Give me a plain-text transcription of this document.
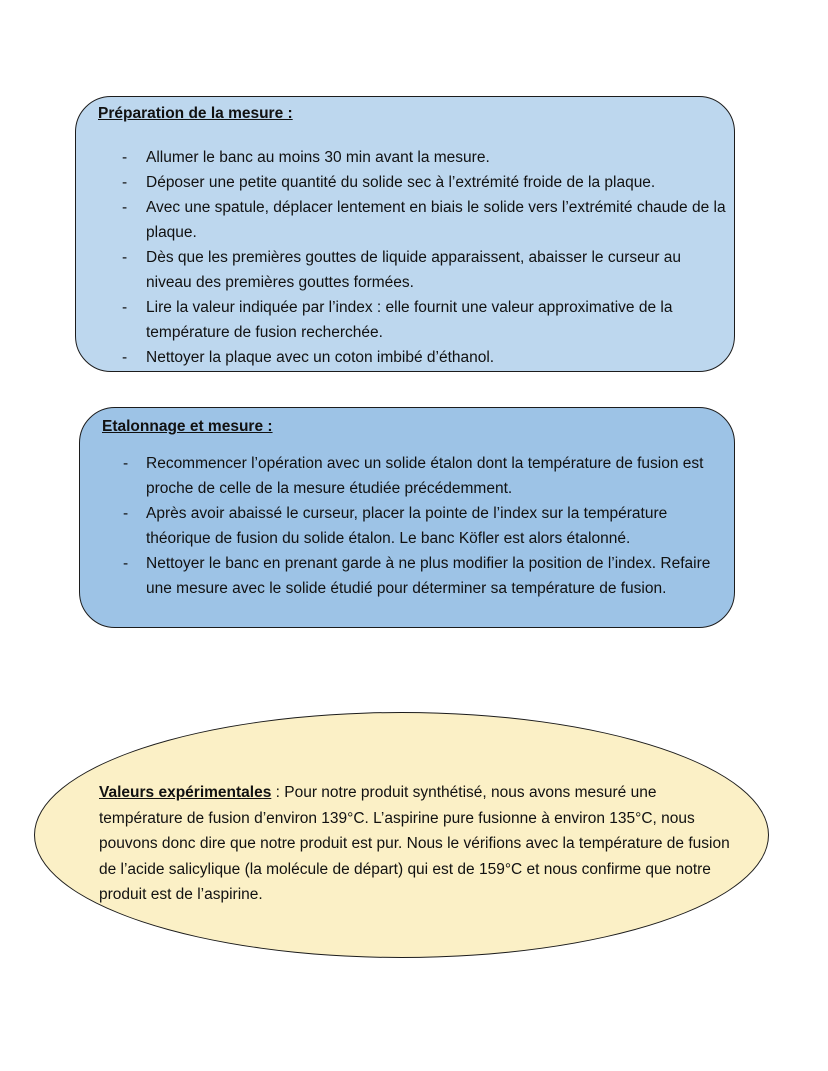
Préparation de la mesure :
- Allumer le banc au moins 30 min avant la mesure.
- Déposer une petite quantité du solide sec à l’extrémité froide de la plaque.
- Avec une spatule, déplacer lentement en biais le solide vers l’extrémité chaude de la plaque.
- Dès que les premières gouttes de liquide apparaissent, abaisser le curseur au niveau des premières gouttes formées.
- Lire la valeur indiquée par l’index : elle fournit une valeur approximative de la température de fusion recherchée.
- Nettoyer la plaque avec un coton imbibé d’éthanol.
Etalonnage et mesure :
- Recommencer l’opération avec un solide étalon dont la température de fusion est proche de celle de la mesure étudiée précédemment.
- Après avoir abaissé le curseur, placer la pointe de l’index sur la température théorique de fusion du solide étalon. Le banc Köfler est alors étalonné.
- Nettoyer le banc en prenant garde à ne plus modifier la position de l’index. Refaire une mesure avec le solide étudié pour déterminer sa température de fusion.

Valeurs expérimentales : Pour notre produit synthétisé, nous avons mesuré une température de fusion d’environ 139°C. L’aspirine pure fusionne à environ 135°C, nous pouvons donc dire que notre produit est pur. Nous le vérifions avec la température de fusion de l’acide salicylique (la molécule de départ) qui est de 159°C et nous confirme que notre produit est de l’aspirine.
